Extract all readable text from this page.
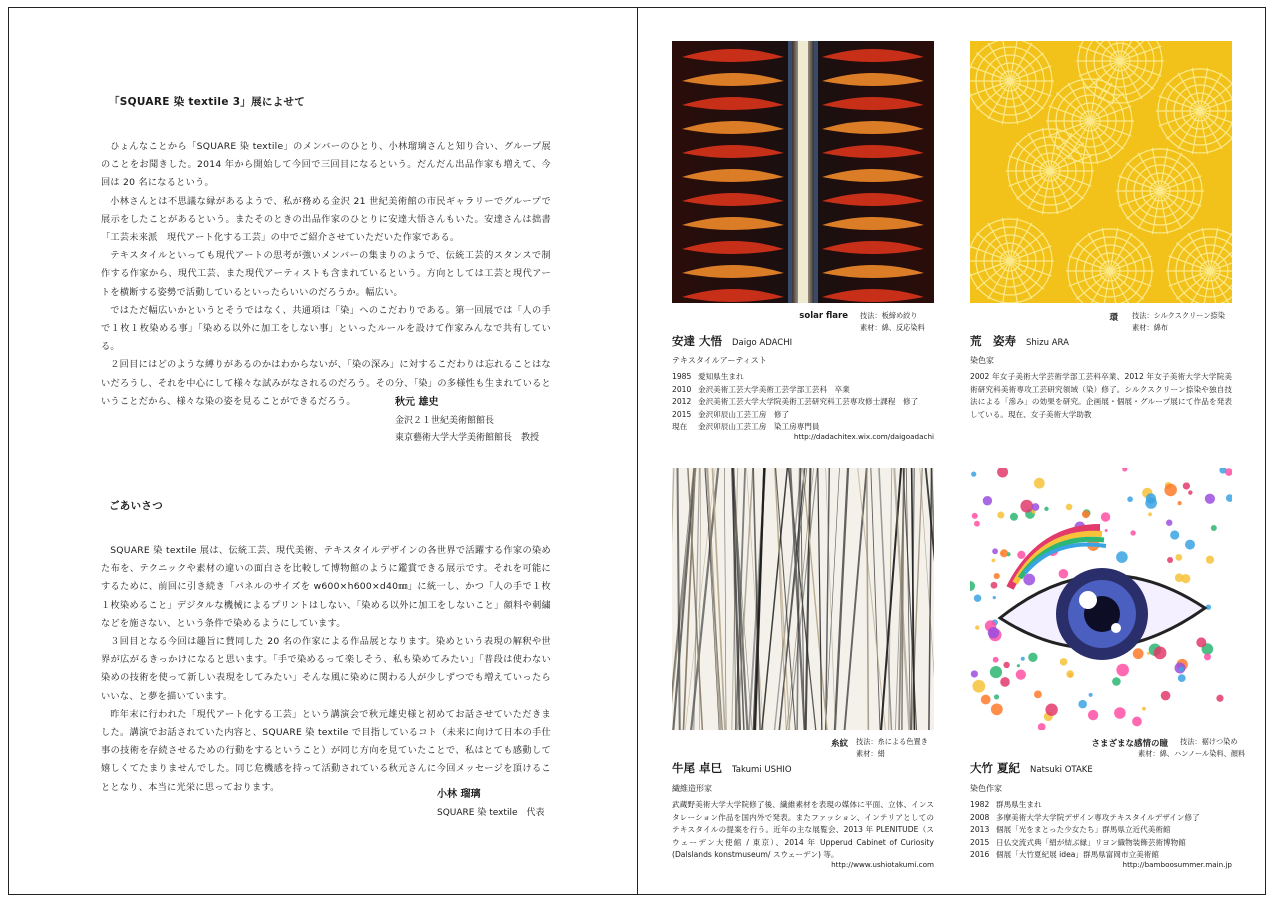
「SQUARE 染 textile 3」展によせて

ひょんなことから「SQUARE 染 textile」のメンバーのひとり、小林瑠璃さんと知り合い、グループ展のことをお聞きした。2014 年から開始して今回で三回目になるという。だんだん出品作家も増えて、今回は 20 名になるという。

小林さんとは不思議な縁があるようで、私が務める金沢 21 世紀美術館の市民ギャラリーでグループで展示をしたことがあるという。またそのときの出品作家のひとりに安達大悟さんもいた。安達さんは拙書「工芸未来派　現代アート化する工芸」の中でご紹介させていただいた作家である。

テキスタイルといっても現代アートの思考が強いメンバーの集まりのようで、伝統工芸的スタンスで制作する作家から、現代工芸、また現代アーティストも含まれているという。方向としては工芸と現代アートを横断する姿勢で活動しているといったらいいのだろうか。幅広い。

ではただ幅広いかというとそうではなく、共通項は「染」へのこだわりである。第一回展では「人の手で１枚１枚染める事」「染める以外に加工をしない事」といったルールを設けて作家みんなで共有している。

２回目にはどのような縛りがあるのかはわからないが、「染の深み」に対するこだわりは忘れることはないだろうし、それを中心にして様々な試みがなされるのだろう。その分、「染」の多様性も生まれているということだから、様々な染の姿を見ることができるだろう。	秋元 雄史
金沢２１世紀美術館館長
東京藝術大学大学美術館館長　教授
ごあいさつ

SQUARE 染 textile 展は、伝統工芸、現代美術、テキスタイルデザインの各世界で活躍する作家の染めた布を、テクニックや素材の違いの面白さを比較して博物館のように鑑賞できる展示です。それを可能にするために、前回に引き続き「パネルのサイズを w600×h600×d40㎜」に統一し、かつ「人の手で１枚１枚染めること」デジタルな機械によるプリントはしない、「染める以外に加工をしないこと」顔料や刺繍などを施さない、という条件で染めるようにしています。

３回目となる今回は趣旨に賛同した 20 名の作家による作品展となります。染めという表現の解釈や世界が広がるきっかけになると思います。「手で染めるって楽しそう、私も染めてみたい」「普段は使わない染めの技術を使って新しい表現をしてみたい」そんな風に染めに関わる人が少しずつでも増えていったらいいな、と夢を描いています。

昨年末に行われた「現代アート化する工芸」という講演会で秋元雄史様と初めてお話させていただきました。講演でお話されていた内容と、SQUARE 染 textile で目指しているコト（未来に向けて日本の手仕事の技術を存続させるための行動をするということ）が同じ方向を見ていたことで、私はとても感動して嬉しくてたまりませんでした。同じ危機感を持って活動されている秋元さんに今回メッセージを頂けることとなり、本当に光栄に思っております。

小林 瑠璃
SQUARE 染 textile　代表
solar flare 技法：板締め絞り
素材：綿、反応染料
安達 大悟 Daigo ADACHI
テキスタイルアーティスト
1985 愛知県生まれ
2010 金沢美術工芸大学美術工芸学部工芸科　卒業
2012 金沢美術工芸大学大学院美術工芸研究科工芸専攻修士課程　修了
2015 金沢卯辰山工芸工房　修了
現在 金沢卯辰山工芸工房　染工房専門員
http://dadachitex.wix.com/daigoadachi
環 技法：シルクスクリーン捺染
素材：綿布
荒　姿寿 Shizu ARA
染色家
2002 年女子美術大学芸術学部工芸科卒業、2012 年女子美術大学大学院美術研究科美術専攻工芸研究領域（染）修了。シルクスクリーン捺染や独自技法による「滲み」の効果を研究。企画展・個展・グループ展にて作品を発表している。現在、女子美術大学助教
糸紋 技法：糸による色置き
素材：絹
牛尾 卓巳 Takumi USHIO
繊維造形家
武蔵野美術大学大学院修了後、繊維素材を表現の媒体に平面、立体、インスタレーション作品を国内外で発表。またファッション、インテリアとしてのテキスタイルの提案を行う。近年の主な展覧会、2013 年 PLENITUDE（スウェーデン大使館 / 東京）、2014 年 Upperud Cabinet of Curiosity (Dalslands konstmuseum/ スウェーデン) 等。
http://www.ushiotakumi.com
さまざまな感情の瞳 技法：裾けつ染め
素材：綿、ハンノール染料、顔料
大竹 夏紀 Natsuki OTAKE
染色作家
1982 群馬県生まれ
2008 多摩美術大学大学院デザイン専攻テキスタイルデザイン修了
2013 個展「光をまとった少女たち」群馬県立近代美術館
2015 日仏交流式典「絹が結ぶ縁」リヨン織物装飾芸術博物館
2016 個展「大竹夏紀展 idea」群馬県富岡市立美術館
http://bamboosummer.main.jp
